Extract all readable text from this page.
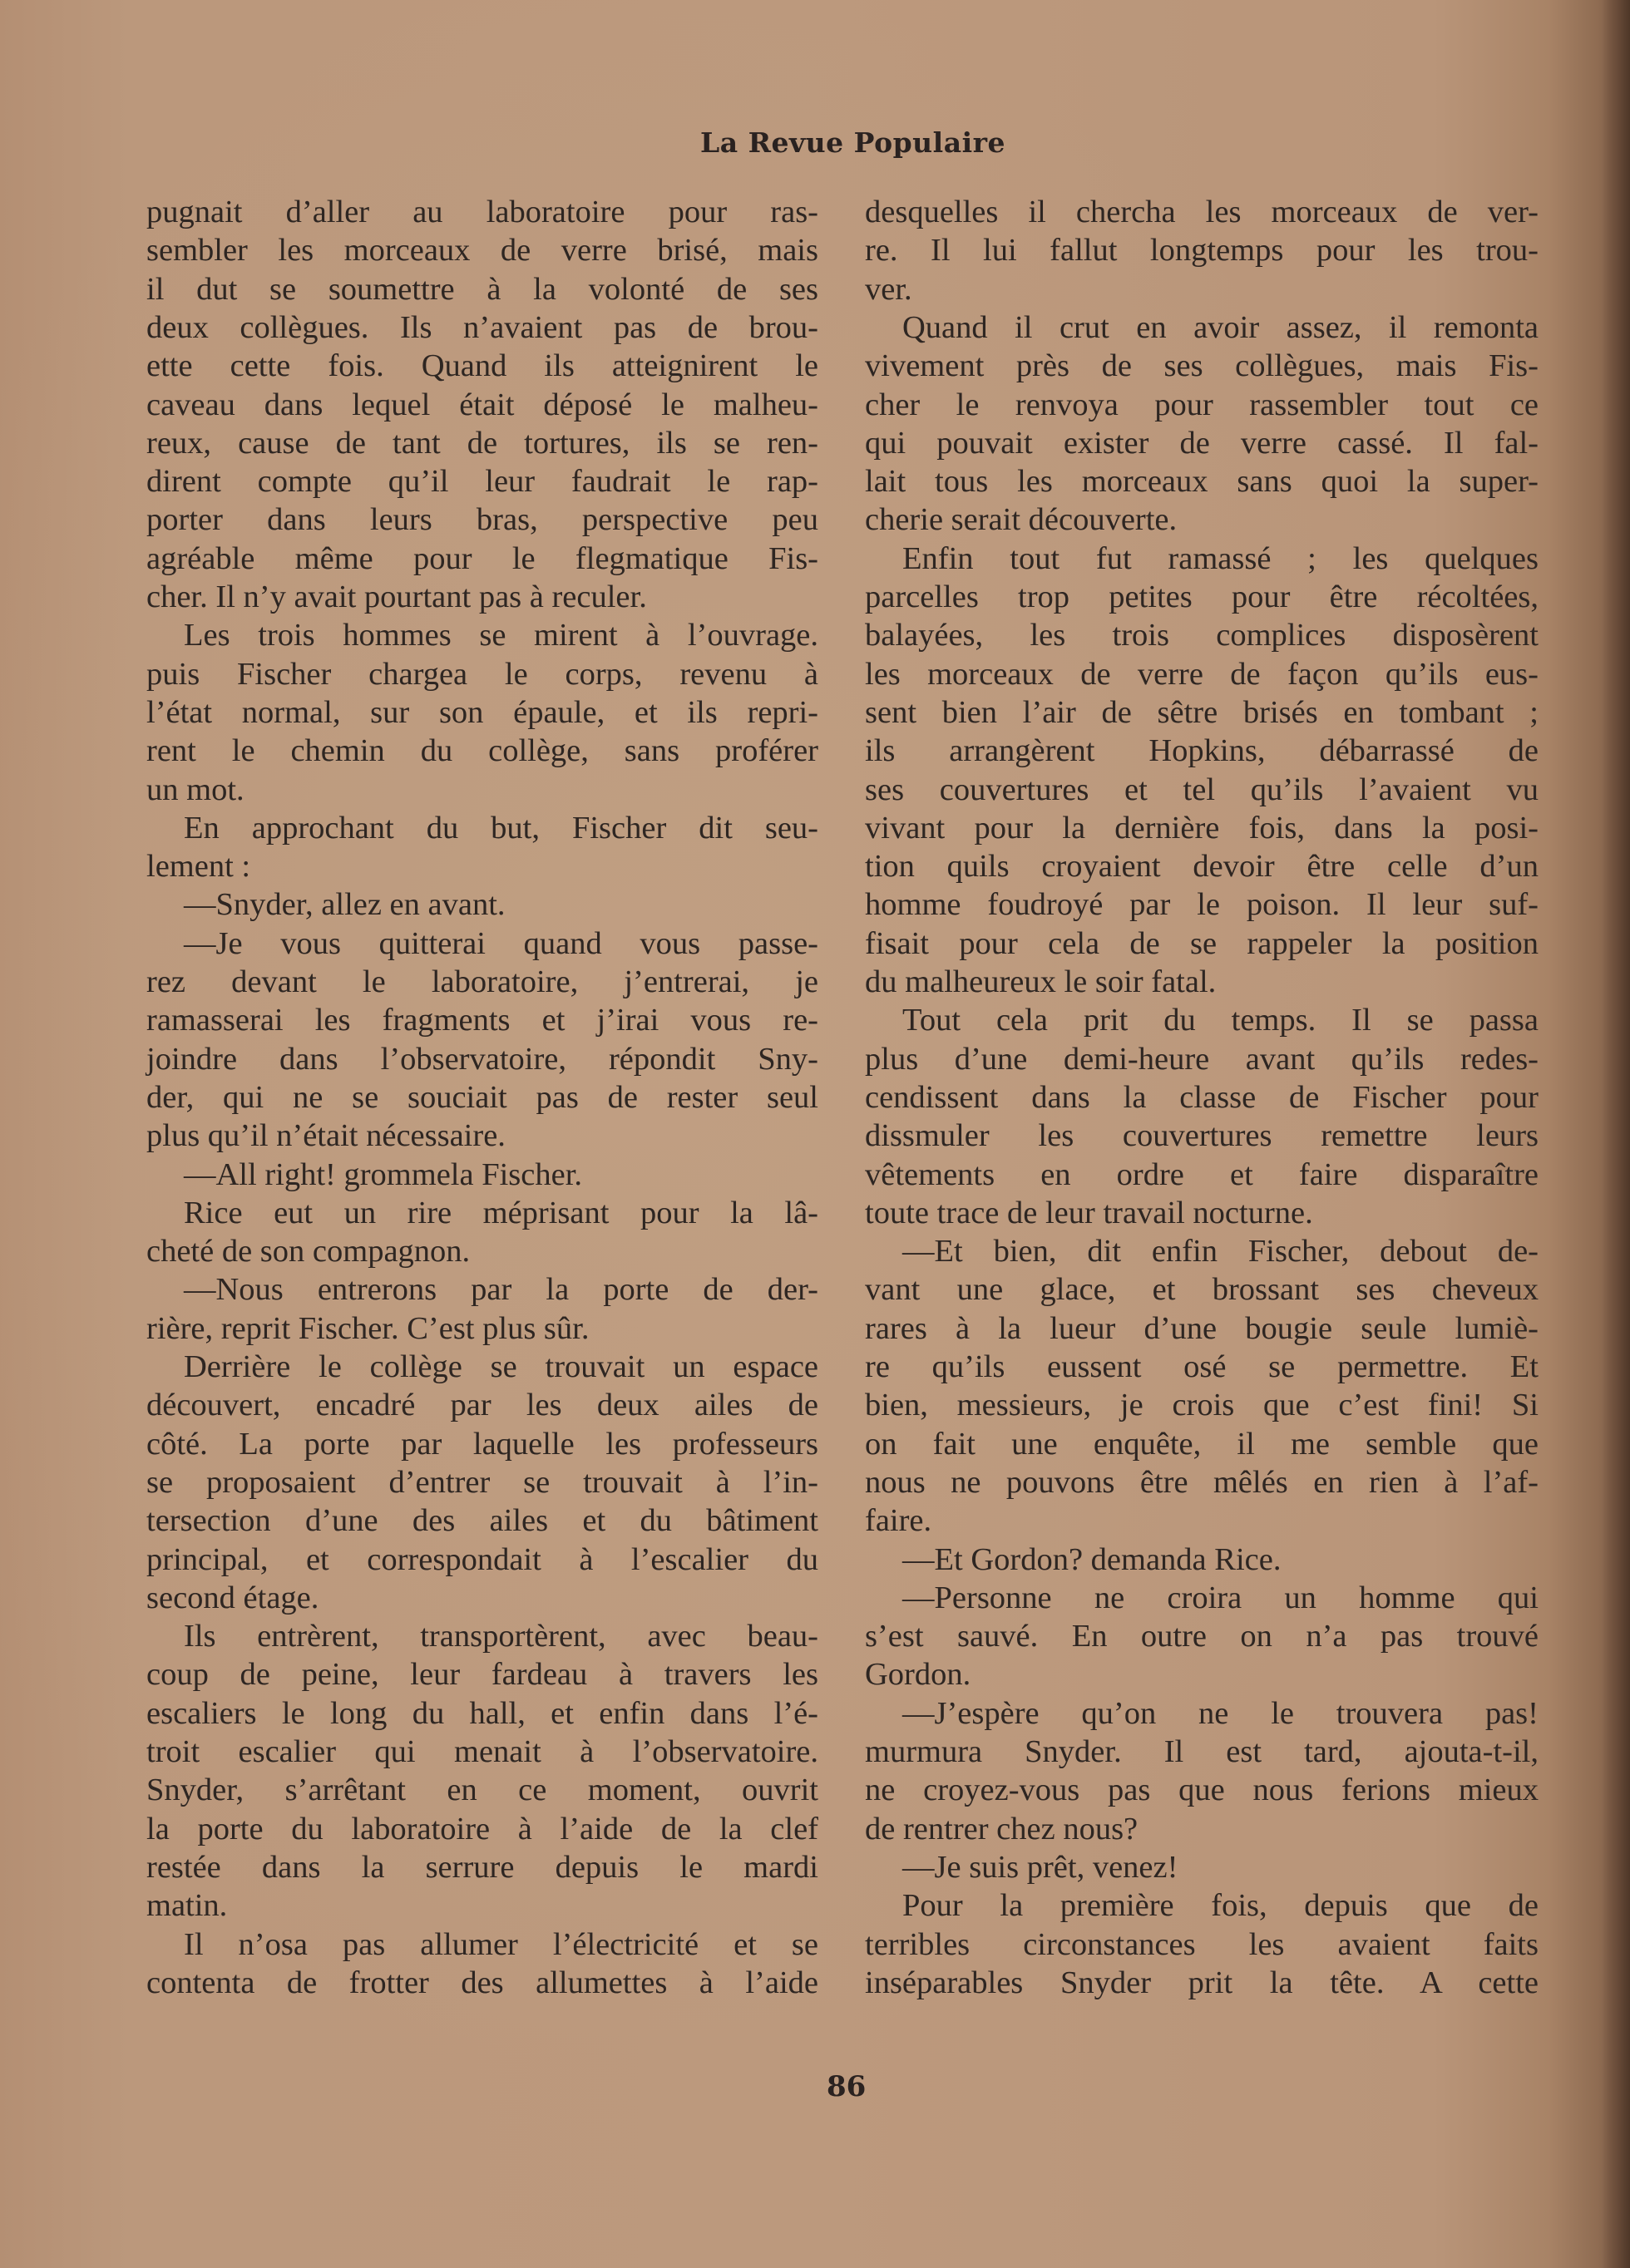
La Revue Populaire
pugnait d’aller au laboratoire pour ras-
sembler les morceaux de verre brisé, mais
il dut se soumettre à la volonté de ses
deux collègues. Ils n’avaient pas de brou-
ette cette fois. Quand ils atteignirent le
caveau dans lequel était déposé le malheu-
reux, cause de tant de tortures, ils se ren-
dirent compte qu’il leur faudrait le rap-
porter dans leurs bras, perspective peu
agréable même pour le flegmatique Fis-
cher. Il n’y avait pourtant pas à reculer.
Les trois hommes se mirent à l’ouvrage.
puis Fischer chargea le corps, revenu à
l’état normal, sur son épaule, et ils repri-
rent le chemin du collège, sans proférer
un mot.
En approchant du but, Fischer dit seu-
lement :
—Snyder, allez en avant.
—Je vous quitterai quand vous passe-
rez devant le laboratoire, j’entrerai, je
ramasserai les fragments et j’irai vous re-
joindre dans l’observatoire, répondit Sny-
der, qui ne se souciait pas de rester seul
plus qu’il n’était nécessaire.
—All right! grommela Fischer.
Rice eut un rire méprisant pour la lâ-
cheté de son compagnon.
—Nous entrerons par la porte de der-
rière, reprit Fischer. C’est plus sûr.
Derrière le collège se trouvait un espace
découvert, encadré par les deux ailes de
côté. La porte par laquelle les professeurs
se proposaient d’entrer se trouvait à l’in-
tersection d’une des ailes et du bâtiment
principal, et correspondait à l’escalier du
second étage.
Ils entrèrent, transportèrent, avec beau-
coup de peine, leur fardeau à travers les
escaliers le long du hall, et enfin dans l’é-
troit escalier qui menait à l’observatoire.
Snyder, s’arrêtant en ce moment, ouvrit
la porte du laboratoire à l’aide de la clef
restée dans la serrure depuis le mardi
matin.
Il n’osa pas allumer l’électricité et se
contenta de frotter des allumettes à l’aide
desquelles il chercha les morceaux de ver-
re. Il lui fallut longtemps pour les trou-
ver.
Quand il crut en avoir assez, il remonta
vivement près de ses collègues, mais Fis-
cher le renvoya pour rassembler tout ce
qui pouvait exister de verre cassé. Il fal-
lait tous les morceaux sans quoi la super-
cherie serait découverte.
Enfin tout fut ramassé ; les quelques
parcelles trop petites pour être récoltées,
balayées, les trois complices disposèrent
les morceaux de verre de façon qu’ils eus-
sent bien l’air de sêtre brisés en tombant ;
ils arrangèrent Hopkins, débarrassé de
ses couvertures et tel qu’ils l’avaient vu
vivant pour la dernière fois, dans la posi-
tion quils croyaient devoir être celle d’un
homme foudroyé par le poison. Il leur suf-
fisait pour cela de se rappeler la position
du malheureux le soir fatal.
Tout cela prit du temps. Il se passa
plus d’une demi-heure avant qu’ils redes-
cendissent dans la classe de Fischer pour
dissmuler les couvertures remettre leurs
vêtements en ordre et faire disparaître
toute trace de leur travail nocturne.
—Et bien, dit enfin Fischer, debout de-
vant une glace, et brossant ses cheveux
rares à la lueur d’une bougie seule lumiè-
re qu’ils eussent osé se permettre. Et
bien, messieurs, je crois que c’est fini! Si
on fait une enquête, il me semble que
nous ne pouvons être mêlés en rien à l’af-
faire.
—Et Gordon? demanda Rice.
—Personne ne croira un homme qui
s’est sauvé. En outre on n’a pas trouvé
Gordon.
—J’espère qu’on ne le trouvera pas!
murmura Snyder. Il est tard, ajouta-t-il,
ne croyez-vous pas que nous ferions mieux
de rentrer chez nous?
—Je suis prêt, venez!
Pour la première fois, depuis que de
terribles circonstances les avaient faits
inséparables Snyder prit la tête. A cette
86
